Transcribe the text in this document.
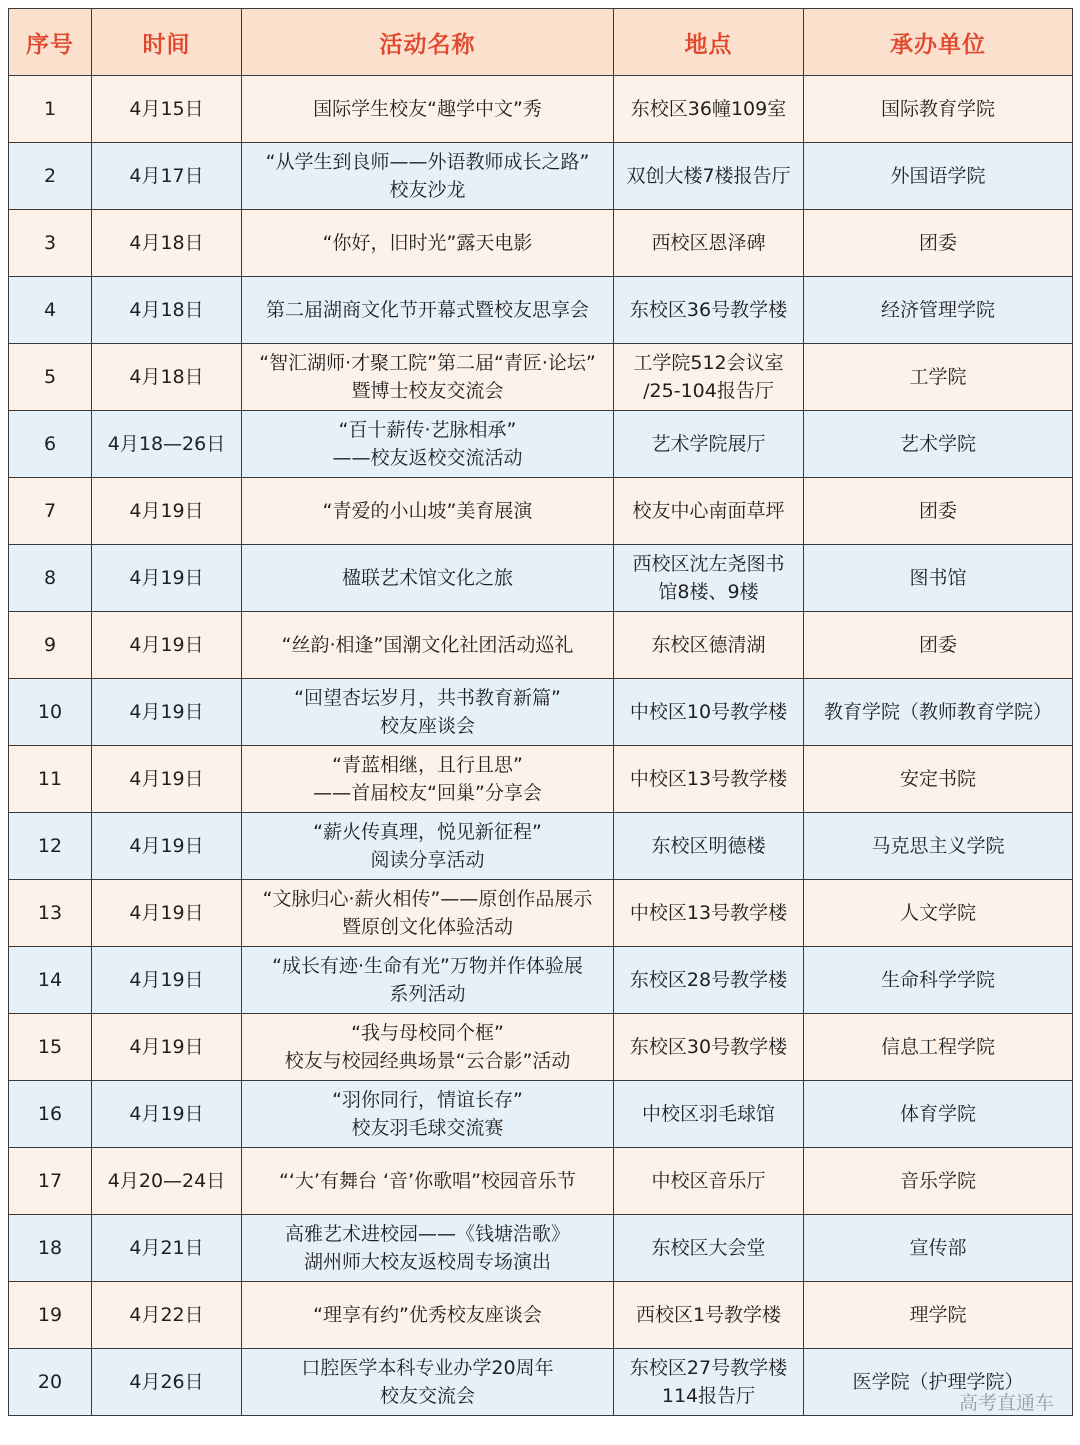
序号	时间	活动名称	地点	承办单位
1	4月15日	国际学生校友“趣学中文”秀	东校区36幢109室	国际教育学院

2	4月17日	“从学生到良师——外语教师成长之路”
校友沙龙	双创大楼7楼报告厅	外国语学院

3	4月18日	“你好，旧时光”露天电影	西校区恩泽碑	团委

4	4月18日	第二届湖商文化节开幕式暨校友思享会	东校区36号教学楼	经济管理学院

5	4月18日	“智汇湖师·才聚工院”第二届“青匠·论坛”
暨博士校友交流会	工学院512会议室
/25-104报告厅	工学院

6	4月18—26日	“百十薪传·艺脉相承”
——校友返校交流活动	艺术学院展厅	艺术学院

7	4月19日	“青爱的小山坡”美育展演	校友中心南面草坪	团委

8	4月19日	楹联艺术馆文化之旅	西校区沈左尧图书
馆8楼、9楼	图书馆

9	4月19日	“丝韵·相逢”国潮文化社团活动巡礼	东校区德清湖	团委

10	4月19日	“回望杏坛岁月，共书教育新篇”
校友座谈会	中校区10号教学楼	教育学院（教师教育学院）

11	4月19日	“青蓝相继，且行且思”
——首届校友“回巢”分享会	中校区13号教学楼	安定书院

12	4月19日	“薪火传真理，悦见新征程”
阅读分享活动	东校区明德楼	马克思主义学院

13	4月19日	“文脉归心·薪火相传”——原创作品展示
暨原创文化体验活动	中校区13号教学楼	人文学院

14	4月19日	“成长有迹·生命有光”万物并作体验展
系列活动	东校区28号教学楼	生命科学学院

15	4月19日	“我与母校同个框”
校友与校园经典场景“云合影”活动	东校区30号教学楼	信息工程学院

16	4月19日	“羽你同行，情谊长存”
校友羽毛球交流赛	中校区羽毛球馆	体育学院

17	4月20—24日	“‘大’有舞台 ‘音’你歌唱”校园音乐节	中校区音乐厅	音乐学院

18	4月21日	高雅艺术进校园——《钱塘浩歌》
湖州师大校友返校周专场演出	东校区大会堂	宣传部

19	4月22日	“理享有约”优秀校友座谈会	西校区1号教学楼	理学院

20	4月26日	口腔医学本科专业办学20周年
校友交流会	东校区27号教学楼
114报告厅	医学院（护理学院）
高考直通车
